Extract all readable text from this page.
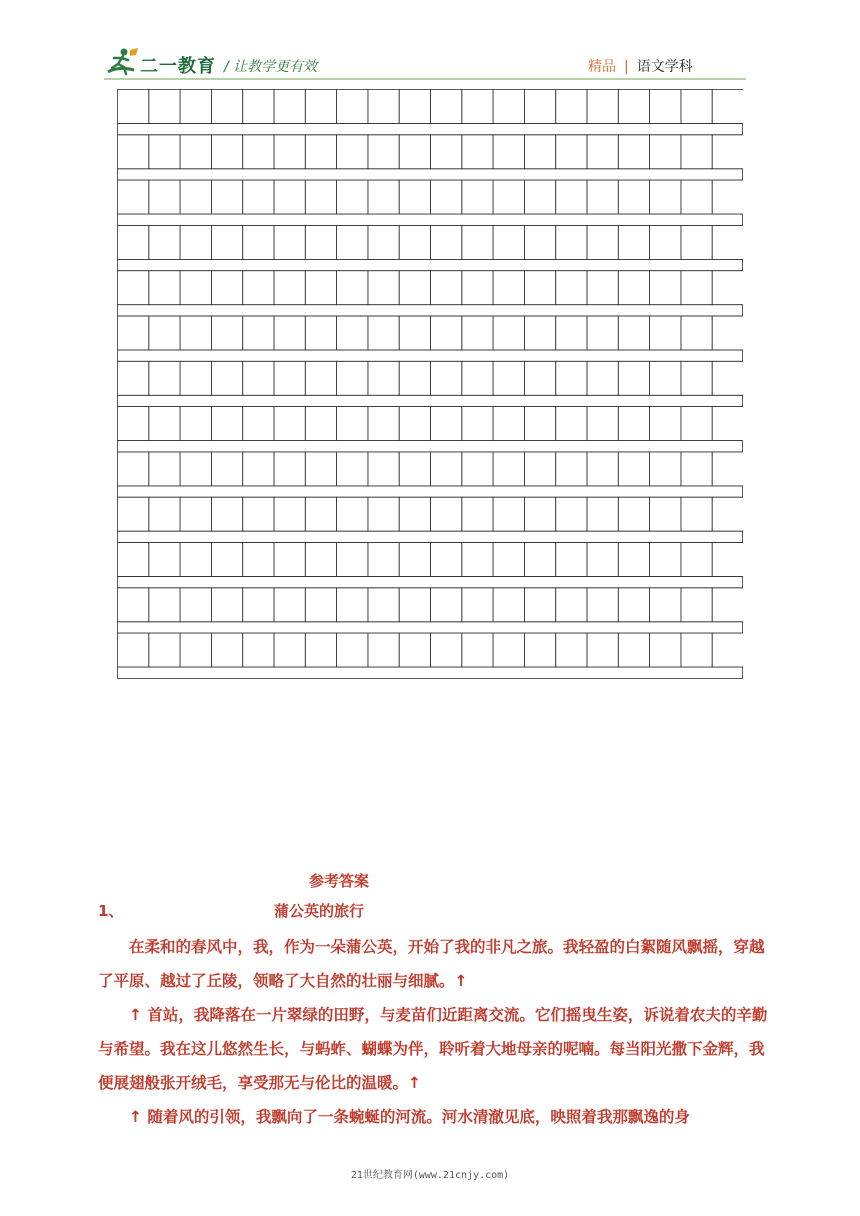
二一教育 / 让教学更有效	精品 | 语文学科
参考答案
1、	蒲公英的旅行
在柔和的春风中，我，作为一朵蒲公英，开始了我的非凡之旅。我轻盈的白絮随风飘摇，穿越了平原、越过了丘陵，领略了大自然的壮丽与细腻。↑
↑ 首站，我降落在一片翠绿的田野，与麦苗们近距离交流。它们摇曳生姿，诉说着农夫的辛勤与希望。我在这儿悠然生长，与蚂蚱、蝴蝶为伴，聆听着大地母亲的呢喃。每当阳光撒下金辉，我便展翅般张开绒毛，享受那无与伦比的温暖。↑
↑ 随着风的引领，我飘向了一条蜿蜒的河流。河水清澈见底，映照着我那飘逸的身
21世纪教育网(www.21cnjy.com)
